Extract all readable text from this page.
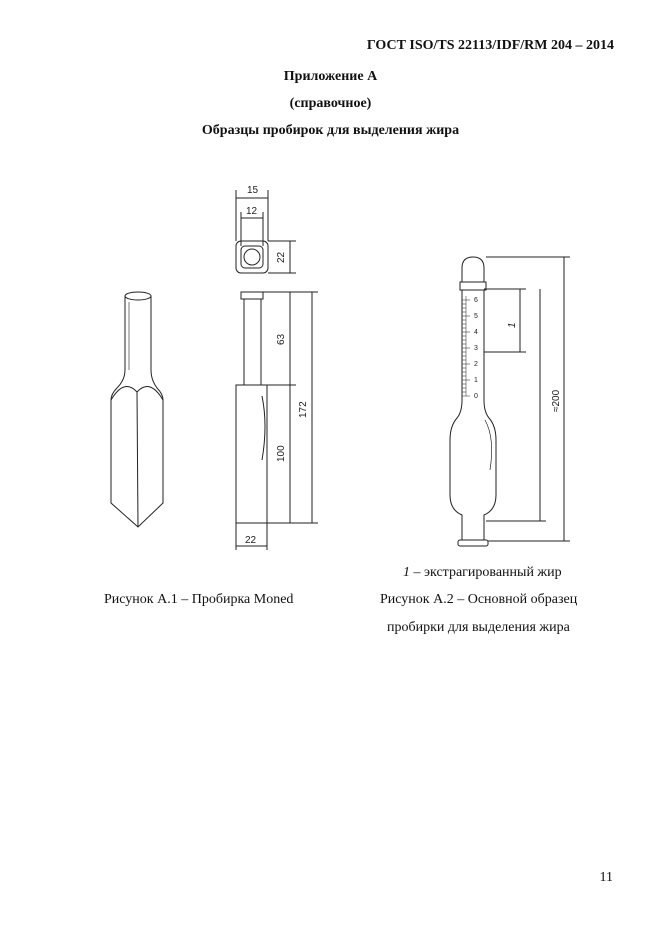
ГОСТ ISO/TS 22113/IDF/RM 204 – 2014
Приложение А
(справочное)
Образцы пробирок для выделения жира
15
12
22
63
172
100
22
6
5
4
3
2
1
0
1
≈200
Рисунок А.1 – Пробирка Moned
1 – экстрагированный жир
Рисунок А.2 – Основной образец
пробирки для выделения жира
11
